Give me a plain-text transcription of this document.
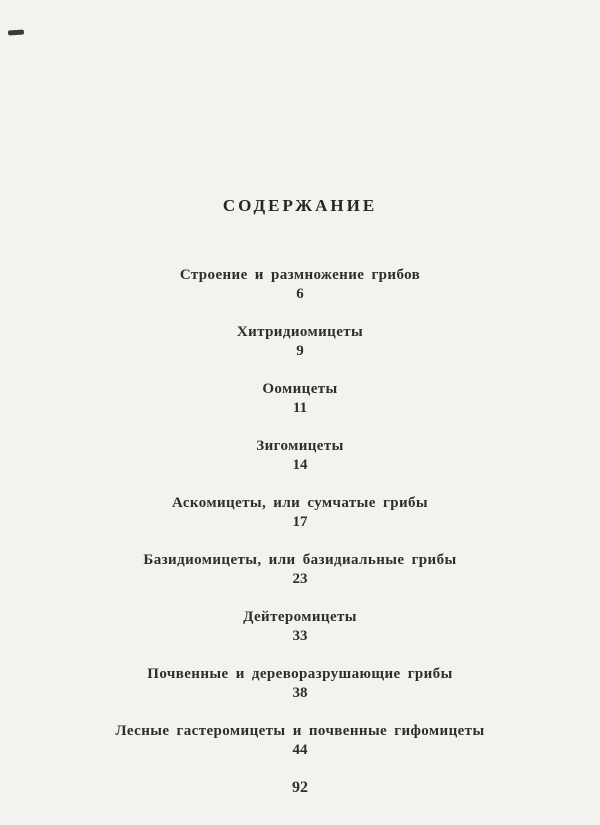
СОДЕРЖАНИЕ
Строение и размножение грибов
6
Хитридиомицеты
9
Оомицеты
11
Зигомицеты
14
Аскомицеты, или сумчатые грибы
17
Базидиомицеты, или базидиальные грибы
23
Дейтеромицеты
33
Почвенные и дереворазрушающие грибы
38
Лесные гастеромицеты и почвенные гифомицеты
44
92
